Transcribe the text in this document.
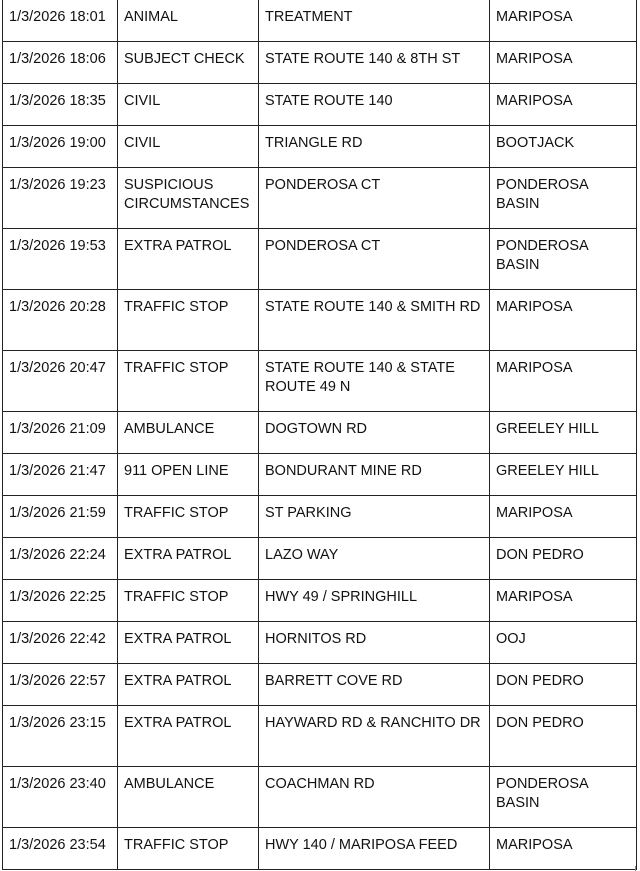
1/3/2026 18:01	ANIMAL	TREATMENT	MARIPOSA
1/3/2026 18:06	SUBJECT CHECK	STATE ROUTE 140 & 8TH ST	MARIPOSA
1/3/2026 18:35	CIVIL	STATE ROUTE 140	MARIPOSA
1/3/2026 19:00	CIVIL	TRIANGLE RD	BOOTJACK
1/3/2026 19:23	SUSPICIOUS CIRCUMSTANCES	PONDEROSA CT	PONDEROSA BASIN
1/3/2026 19:53	EXTRA PATROL	PONDEROSA CT	PONDEROSA BASIN
1/3/2026 20:28	TRAFFIC STOP	STATE ROUTE 140 & SMITH RD	MARIPOSA
1/3/2026 20:47	TRAFFIC STOP	STATE ROUTE 140 & STATE ROUTE 49 N	MARIPOSA
1/3/2026 21:09	AMBULANCE	DOGTOWN RD	GREELEY HILL
1/3/2026 21:47	911 OPEN LINE	BONDURANT MINE RD	GREELEY HILL
1/3/2026 21:59	TRAFFIC STOP	ST PARKING	MARIPOSA
1/3/2026 22:24	EXTRA PATROL	LAZO WAY	DON PEDRO
1/3/2026 22:25	TRAFFIC STOP	HWY 49 / SPRINGHILL	MARIPOSA
1/3/2026 22:42	EXTRA PATROL	HORNITOS RD	OOJ
1/3/2026 22:57	EXTRA PATROL	BARRETT COVE RD	DON PEDRO
1/3/2026 23:15	EXTRA PATROL	HAYWARD RD & RANCHITO DR	DON PEDRO
1/3/2026 23:40	AMBULANCE	COACHMAN RD	PONDEROSA BASIN
1/3/2026 23:54	TRAFFIC STOP	HWY 140 / MARIPOSA FEED	MARIPOSA
